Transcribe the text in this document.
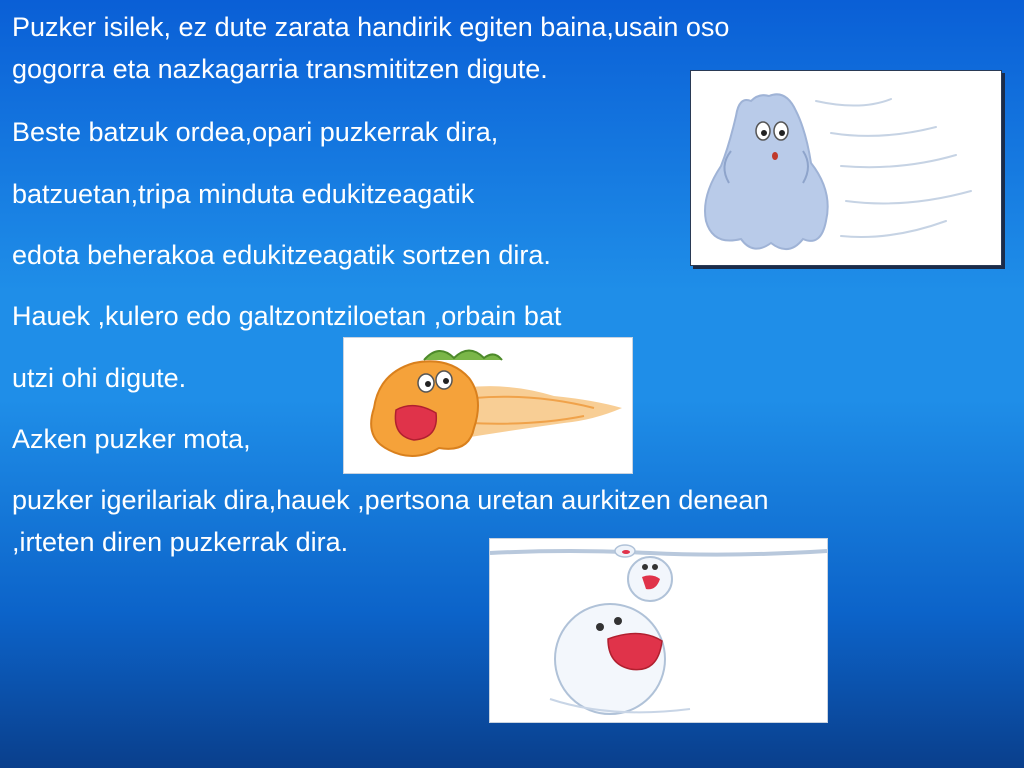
Puzker isilek, ez dute zarata handirik egiten baina,usain oso
gogorra eta nazkagarria transmititzen digute.
Beste batzuk ordea,opari puzkerrak dira,
batzuetan,tripa minduta edukitzeagatik
edota beherakoa edukitzeagatik sortzen dira.
Hauek ,kulero edo galtzontziloetan ,orbain bat
utzi ohi digute.
Azken puzker mota,
puzker igerilariak dira,hauek ,pertsona uretan aurkitzen denean
,irteten diren puzkerrak dira.
